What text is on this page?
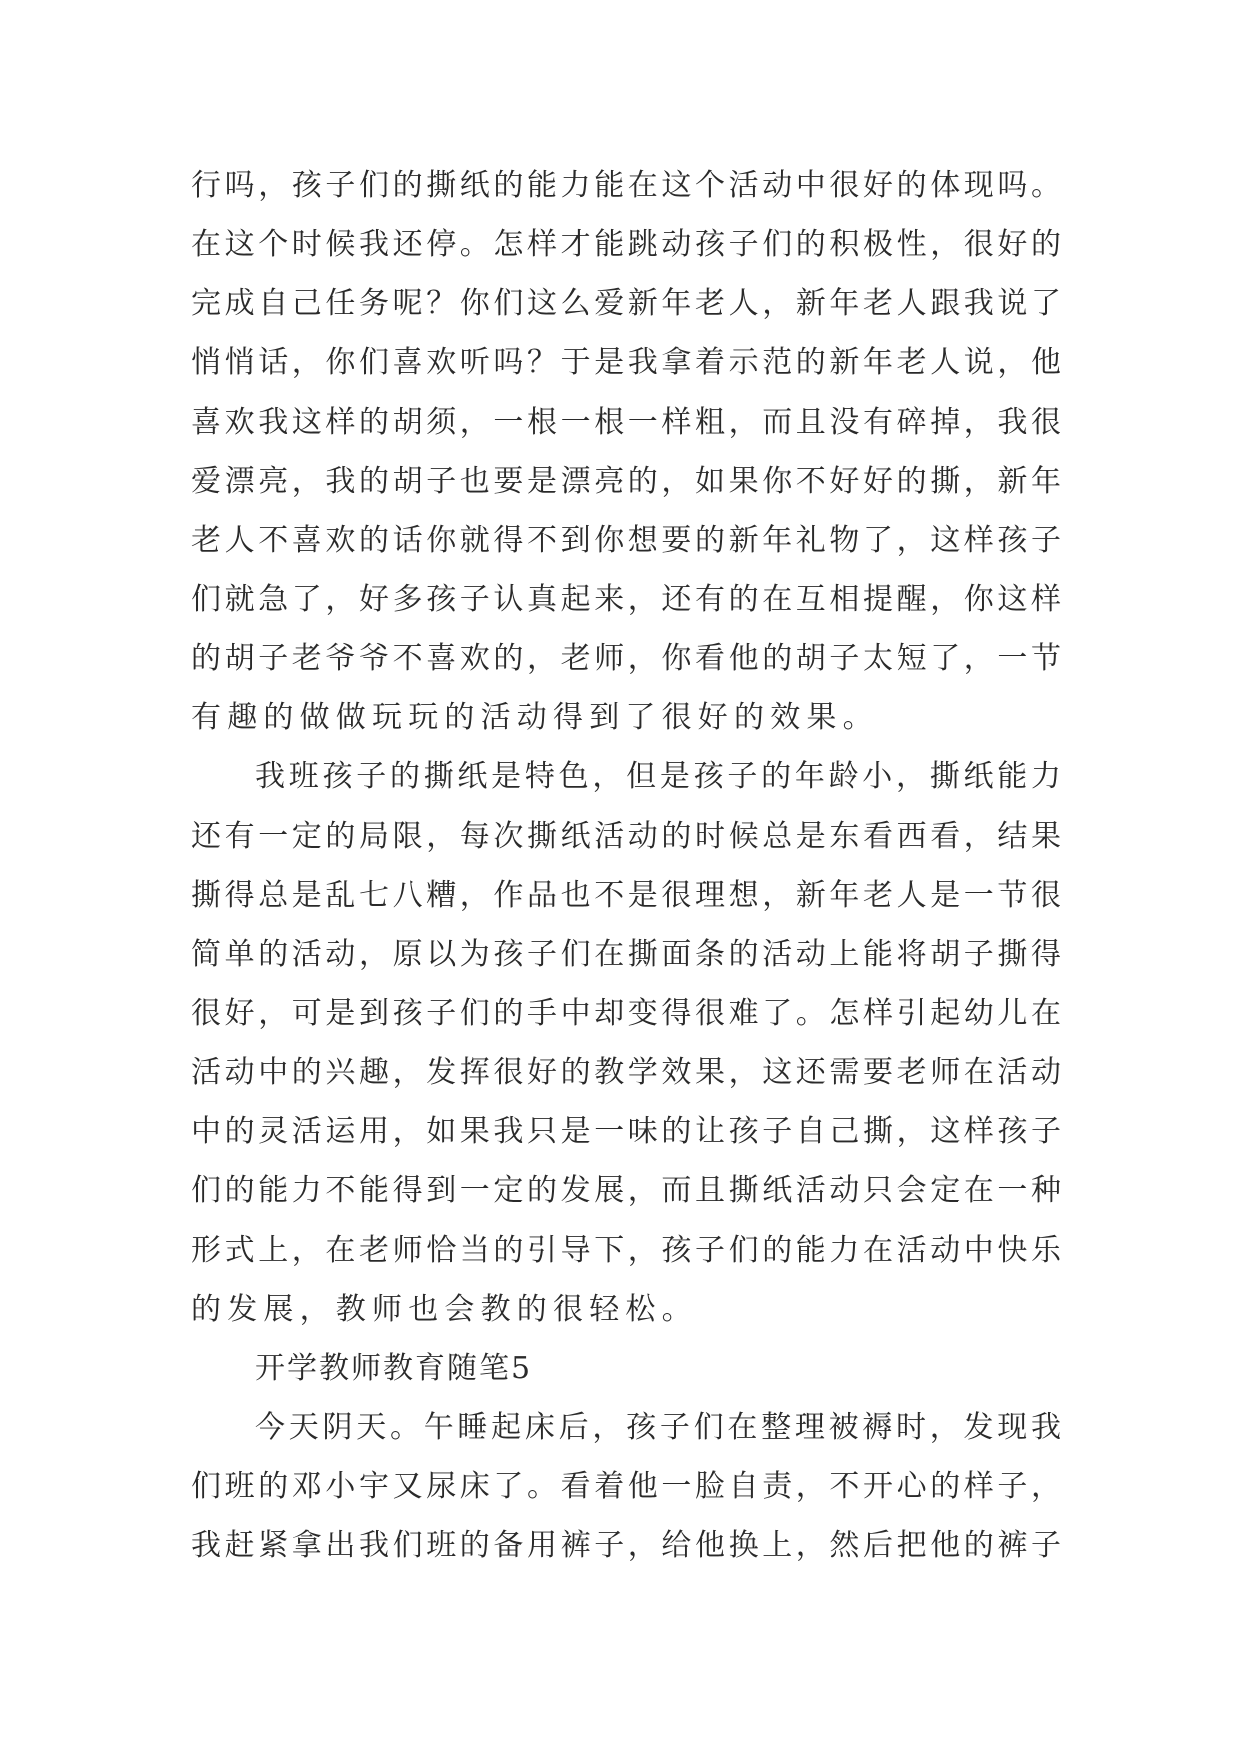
行吗，孩子们的撕纸的能力能在这个活动中很好的体现吗。
在这个时候我还停。怎样才能跳动孩子们的积极性，很好的
完成自己任务呢？你们这么爱新年老人，新年老人跟我说了
悄悄话，你们喜欢听吗？于是我拿着示范的新年老人说，他
喜欢我这样的胡须，一根一根一样粗，而且没有碎掉，我很
爱漂亮，我的胡子也要是漂亮的，如果你不好好的撕，新年
老人不喜欢的话你就得不到你想要的新年礼物了，这样孩子
们就急了，好多孩子认真起来，还有的在互相提醒，你这样
的胡子老爷爷不喜欢的，老师，你看他的胡子太短了，一节
有趣的做做玩玩的活动得到了很好的效果。
我班孩子的撕纸是特色，但是孩子的年龄小，撕纸能力
还有一定的局限，每次撕纸活动的时候总是东看西看，结果
撕得总是乱七八糟，作品也不是很理想，新年老人是一节很
简单的活动，原以为孩子们在撕面条的活动上能将胡子撕得
很好，可是到孩子们的手中却变得很难了。怎样引起幼儿在
活动中的兴趣，发挥很好的教学效果，这还需要老师在活动
中的灵活运用，如果我只是一味的让孩子自己撕，这样孩子
们的能力不能得到一定的发展，而且撕纸活动只会定在一种
形式上，在老师恰当的引导下，孩子们的能力在活动中快乐
的发展，教师也会教的很轻松。
开学教师教育随笔5
今天阴天。午睡起床后，孩子们在整理被褥时，发现我
们班的邓小宇又尿床了。看着他一脸自责，不开心的样子，
我赶紧拿出我们班的备用裤子，给他换上，然后把他的裤子
